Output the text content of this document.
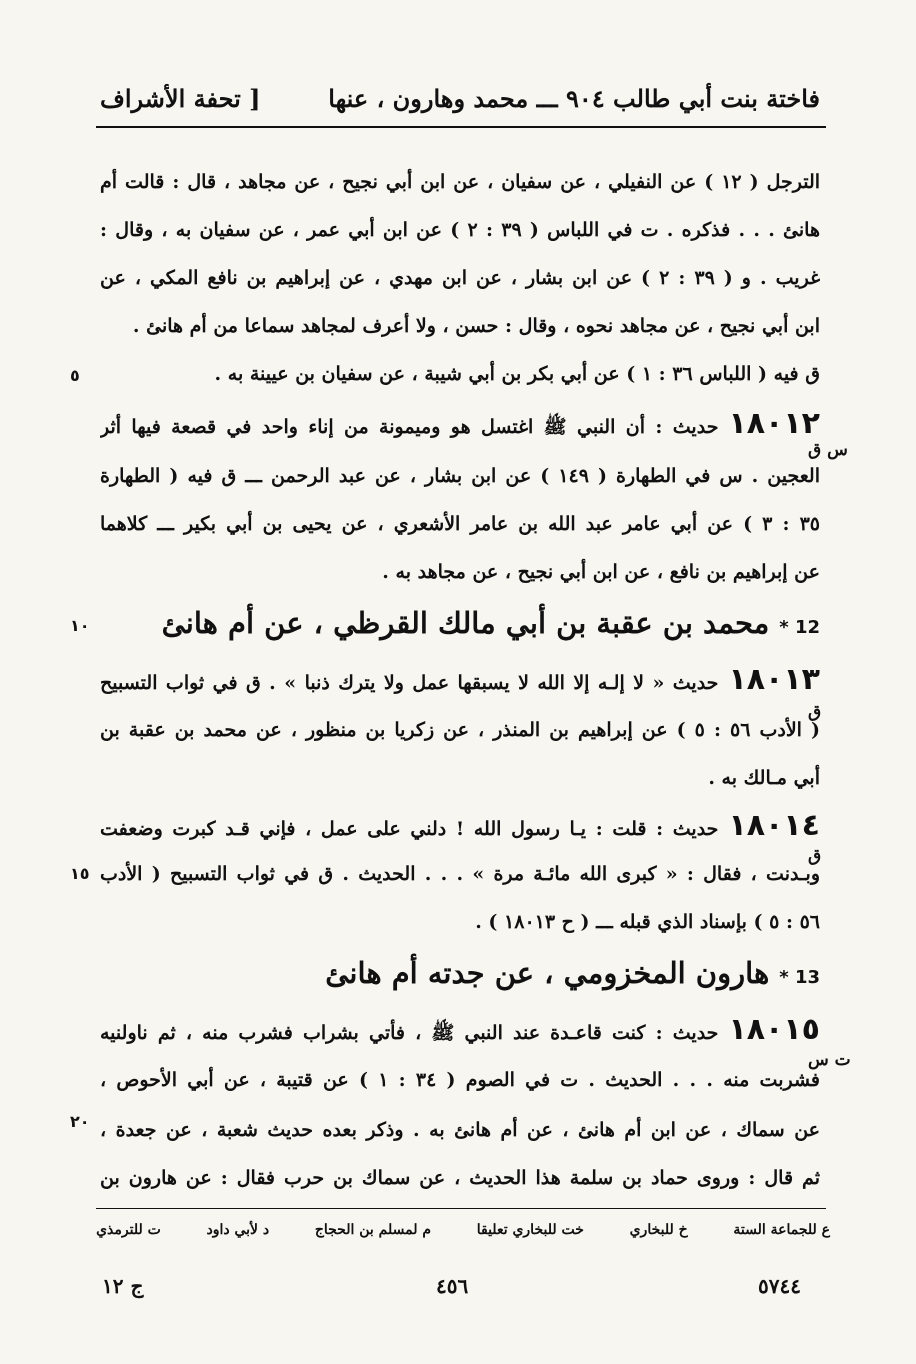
فاختة بنت أبي طالب ٩٠٤ ـــ محمد وهارون ، عنها
[ تحفة الأشراف
الترجل ( ١٢ ) عن النفيلي ، عن سفيان ، عن ابن أبي نجيح ، عن مجاهد ، قال : قالت أم
هانئ . . . فذكره . ت في اللباس ( ٣٩ : ٢ ) عن ابن أبي عمر ، عن سفيان به ، وقال :
غريب . و ( ٣٩ : ٢ ) عن ابن بشار ، عن ابن مهدي ، عن إبراهيم بن نافع المكي ، عن
ابن أبي نجيح ، عن مجاهد نحوه ، وقال : حسن ، ولا أعرف لمجاهد سماعا من أم هانئ .
ق فيه ( اللباس ٣٦ : ١ ) عن أبي بكر بن أبي شيبة ، عن سفيان بن عيينة به .
٥
١٨٠١٢حديث : أن النبي ﷺ اغتسل هو وميمونة من إناء واحد في قصعة فيها أثر
العجين . س في الطهارة ( ١٤٩ ) عن ابن بشار ، عن عبد الرحمن ـــ ق فيه ( الطهارة
٣٥ : ٣ ) عن أبي عامر عبد الله بن عامر الأشعري ، عن يحيى بن أبي بكير ـــ كلاهما
عن إبراهيم بن نافع ، عن ابن أبي نجيح ، عن مجاهد به .
س ق
12 *محمد بن عقبة بن أبي مالك القرظي ، عن أم هانئ
١٠
١٨٠١٣حديث « لا إلـه إلا الله لا يسبقها عمل ولا يترك ذنبا » . ق في ثواب التسبيح
( الأدب ٥٦ : ٥ ) عن إبراهيم بن المنذر ، عن زكريا بن منظور ، عن محمد بن عقبة بن
أبي مـالك به .
ق
١٨٠١٤حديث : قلت : يـا رسول الله ! دلني على عمل ، فإني قـد كبرت وضعفت
وبـدنت ، فقال : « كبرى الله مائـة مرة » . . . الحديث . ق في ثواب التسبيح ( الأدب
٥٦ : ٥ ) بإسناد الذي قبله ـــ ( ح ١٨٠١٣ ) .
ق
١٥
13 *هارون المخزومي ، عن جدته أم هانئ
١٨٠١٥حديث : كنت قاعـدة عند النبي ﷺ ، فأتي بشراب فشرب منه ، ثم ناولنيه
فشربت منه . . . الحديث . ت في الصوم ( ٣٤ : ١ ) عن قتيبة ، عن أبي الأحوص ،
عن سماك ، عن ابن أم هانئ ، عن أم هانئ به . وذكر بعده حديث شعبة ، عن جعدة ،
ثم قال : وروى حماد بن سلمة هذا الحديث ، عن سماك بن حرب فقال : عن هارون بن
ت س
٢٠
ع للجماعة الستة
خ للبخاري
خت للبخاري تعليقا
م لمسلم بن الحجاج
د لأبي داود
ت للترمذي
ج ١٢	٤٥٦	٥٧٤٤
